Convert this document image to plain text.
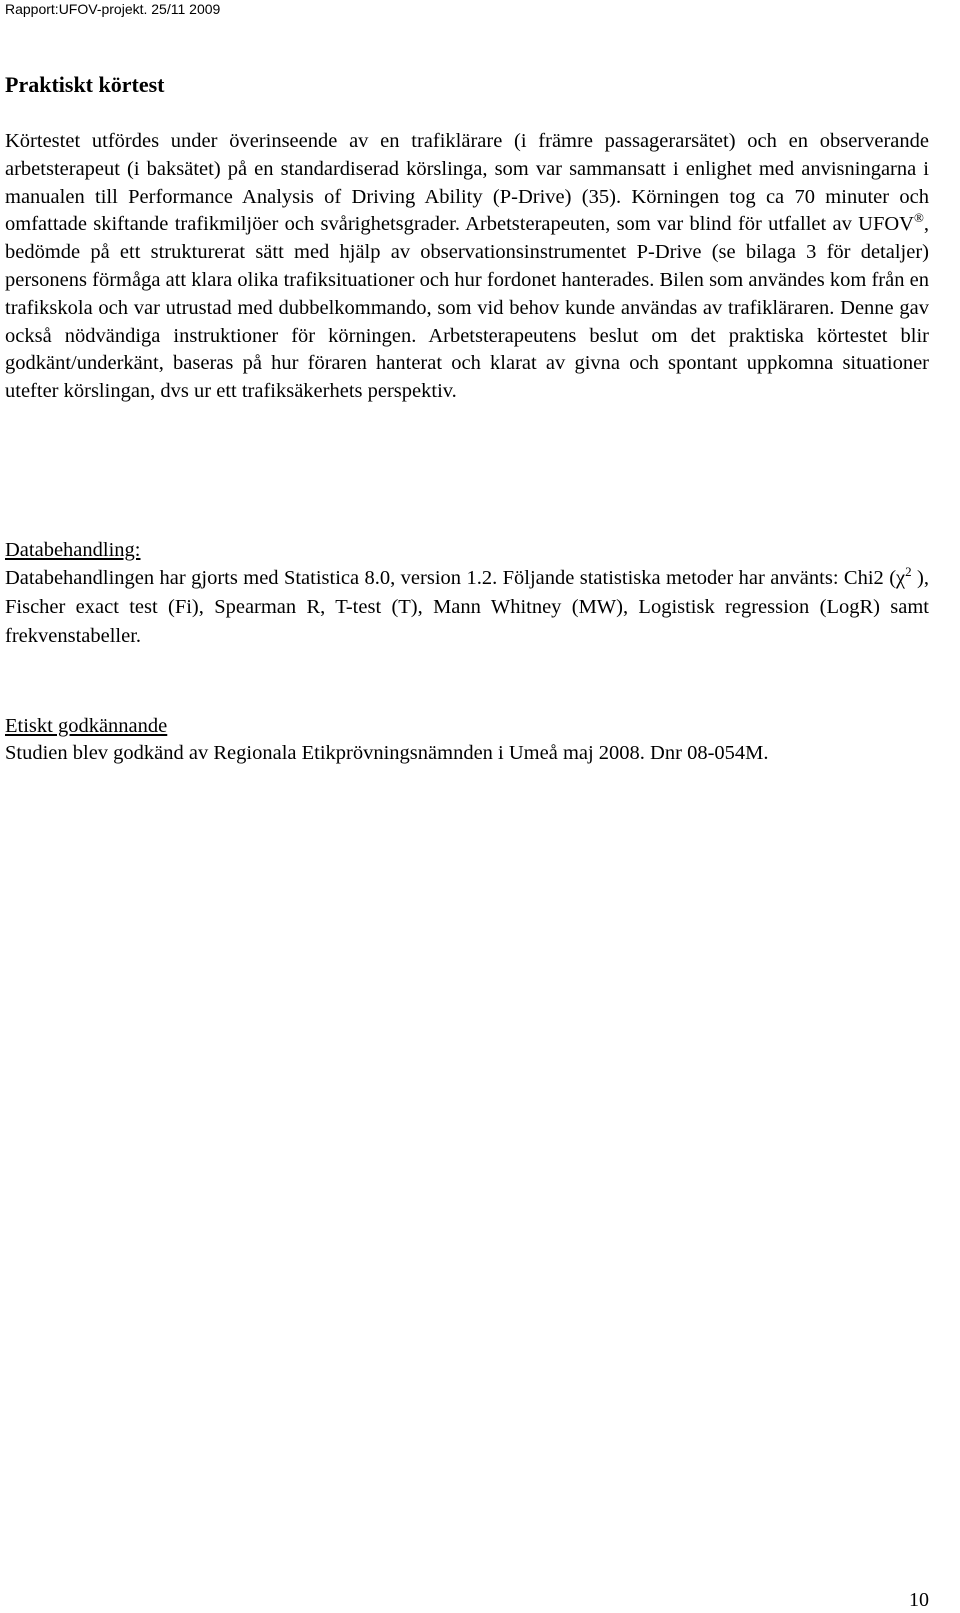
Rapport:UFOV-projekt. 25/11 2009
Praktiskt körtest

Körtestet utfördes under överinseende av en trafiklärare (i främre passagerarsätet) och en observerande arbetsterapeut (i baksätet) på en standardiserad körslinga, som var sammansatt i enlighet med anvisningarna i manualen till Performance Analysis of Driving Ability (P-Drive) (35). Körningen tog ca 70 minuter och omfattade skiftande trafikmiljöer och svårighetsgrader. Arbetsterapeuten, som var blind för utfallet av UFOV®, bedömde på ett strukturerat sätt med hjälp av observationsinstrumentet P-Drive (se bilaga 3 för detaljer) personens förmåga att klara olika trafiksituationer och hur fordonet hanterades. Bilen som användes kom från en trafikskola och var utrustad med dubbelkommando, som vid behov kunde användas av trafikläraren. Denne gav också nödvändiga instruktioner för körningen. Arbetsterapeutens beslut om det praktiska körtestet blir godkänt/underkänt, baseras på hur föraren hanterat och klarat av givna och spontant uppkomna situationer utefter körslingan, dvs ur ett trafiksäkerhets perspektiv.

Databehandling:

Databehandlingen har gjorts med Statistica 8.0, version 1.2. Följande statistiska metoder har använts: Chi2 ($\chi^2$ ), Fischer exact test (Fi), Spearman R, T-test (T), Mann Whitney (MW), Logistisk regression (LogR) samt frekvenstabeller.

Etiskt godkännande

Studien blev godkänd av Regionala Etikprövningsnämnden i Umeå maj 2008. Dnr 08-054M.

10
